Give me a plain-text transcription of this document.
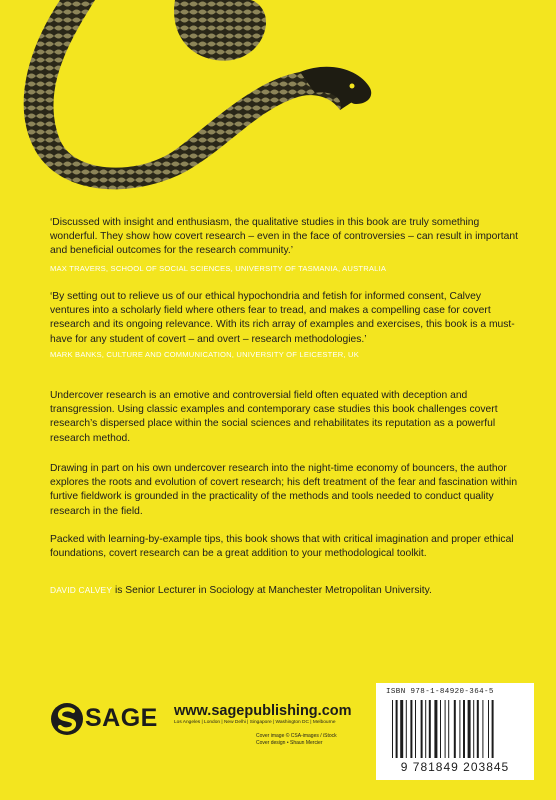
‘Discussed with insight and enthusiasm, the qualitative studies in this book are truly something wonderful. They show how covert research – even in the face of controversies – can result in important and beneficial outcomes for the research community.’
MAX TRAVERS, SCHOOL OF SOCIAL SCIENCES, UNIVERSITY OF TASMANIA, AUSTRALIA
‘By setting out to relieve us of our ethical hypochondria and fetish for informed consent, Calvey ventures into a scholarly field where others fear to tread, and makes a compelling case for covert research and its ongoing relevance. With its rich array of examples and exercises, this book is a must-have for any student of covert – and overt – research methodologies.’
MARK BANKS, CULTURE AND COMMUNICATION, UNIVERSITY OF LEICESTER, UK
Undercover research is an emotive and controversial field often equated with deception and transgression. Using classic examples and contemporary case studies this book challenges covert research’s dispersed place within the social sciences and rehabilitates its reputation as a powerful research method.
Drawing in part on his own undercover research into the night-time economy of bouncers, the author explores the roots and evolution of covert research; his deft treatment of the fear and fascination within furtive fieldwork is grounded in the practicality of the methods and tools needed to conduct quality research in the field.
Packed with learning-by-example tips, this book shows that with critical imagination and proper ethical foundations, covert research can be a great addition to your methodological toolkit.
DAVID CALVEY is Senior Lecturer in Sociology at Manchester Metropolitan University.
SAGE www.sagepublishing.com
Los Angeles | London | New Delhi | Singapore | Washington DC | Melbourne
Cover image © CSA-images / iStock
Cover design • Shaun Mercier
ISBN 978-1-84920-364-5
9 781849 203845
